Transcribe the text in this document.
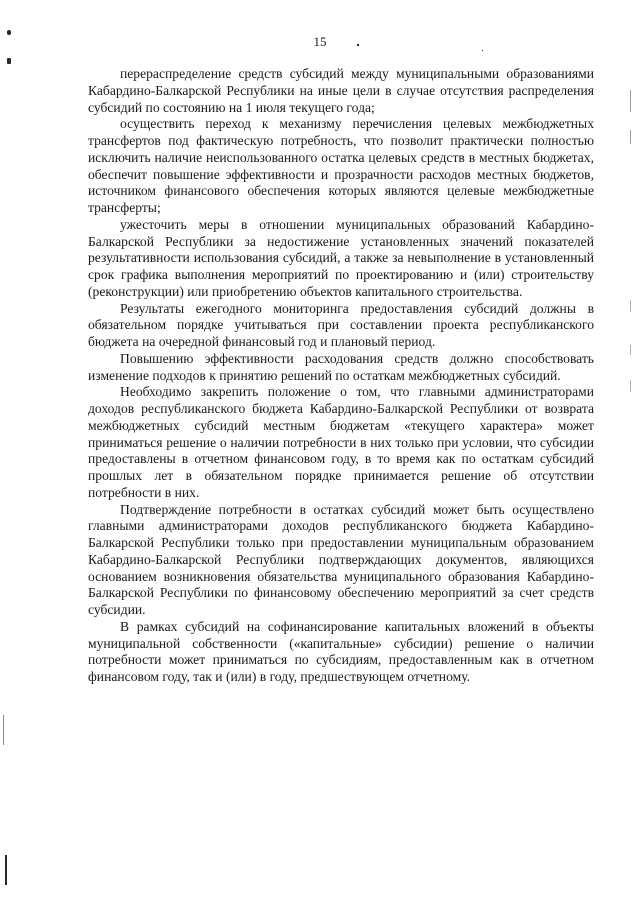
15

перераспределение средств субсидий между муниципальными образованиями Кабардино-Балкарской Республики на иные цели в случае отсутствия распределения субсидий по состоянию на 1 июля текущего года;

осуществить переход к механизму перечисления целевых межбюджетных трансфертов под фактическую потребность, что позволит практически полностью исключить наличие неиспользованного остатка целевых средств в местных бюджетах, обеспечит повышение эффективности и прозрачности расходов местных бюджетов, источником финансового обеспечения которых являются целевые межбюджетные трансферты;

ужесточить меры в отношении муниципальных образований Кабардино-Балкарской Республики за недостижение установленных значений показателей результативности использования субсидий, а также за невыполнение в установленный срок графика выполнения мероприятий по проектированию и (или) строительству (реконструкции) или приобретению объектов капитального строительства.

Результаты ежегодного мониторинга предоставления субсидий должны в обязательном порядке учитываться при составлении проекта республиканского бюджета на очередной финансовый год и плановый период.

Повышению эффективности расходования средств должно способствовать изменение подходов к принятию решений по остаткам межбюджетных субсидий.

Необходимо закрепить положение о том, что главными администраторами доходов республиканского бюджета Кабардино-Балкарской Республики от возврата межбюджетных субсидий местным бюджетам «текущего характера» может приниматься решение о наличии потребности в них только при условии, что субсидии предоставлены в отчетном финансовом году, в то время как по остаткам субсидий прошлых лет в обязательном порядке принимается решение об отсутствии потребности в них.

Подтверждение потребности в остатках субсидий может быть осуществлено главными администраторами доходов республиканского бюджета Кабардино-Балкарской Республики только при предоставлении муниципальным образованием Кабардино-Балкарской Республики подтверждающих документов, являющихся основанием возникновения обязательства муниципального образования Кабардино-Балкарской Республики по финансовому обеспечению мероприятий за счет средств субсидии.

В рамках субсидий на софинансирование капитальных вложений в объекты муниципальной собственности («капитальные» субсидии) решение о наличии потребности может приниматься по субсидиям, предоставленным как в отчетном финансовом году, так и (или) в году, предшествующем отчетному.
